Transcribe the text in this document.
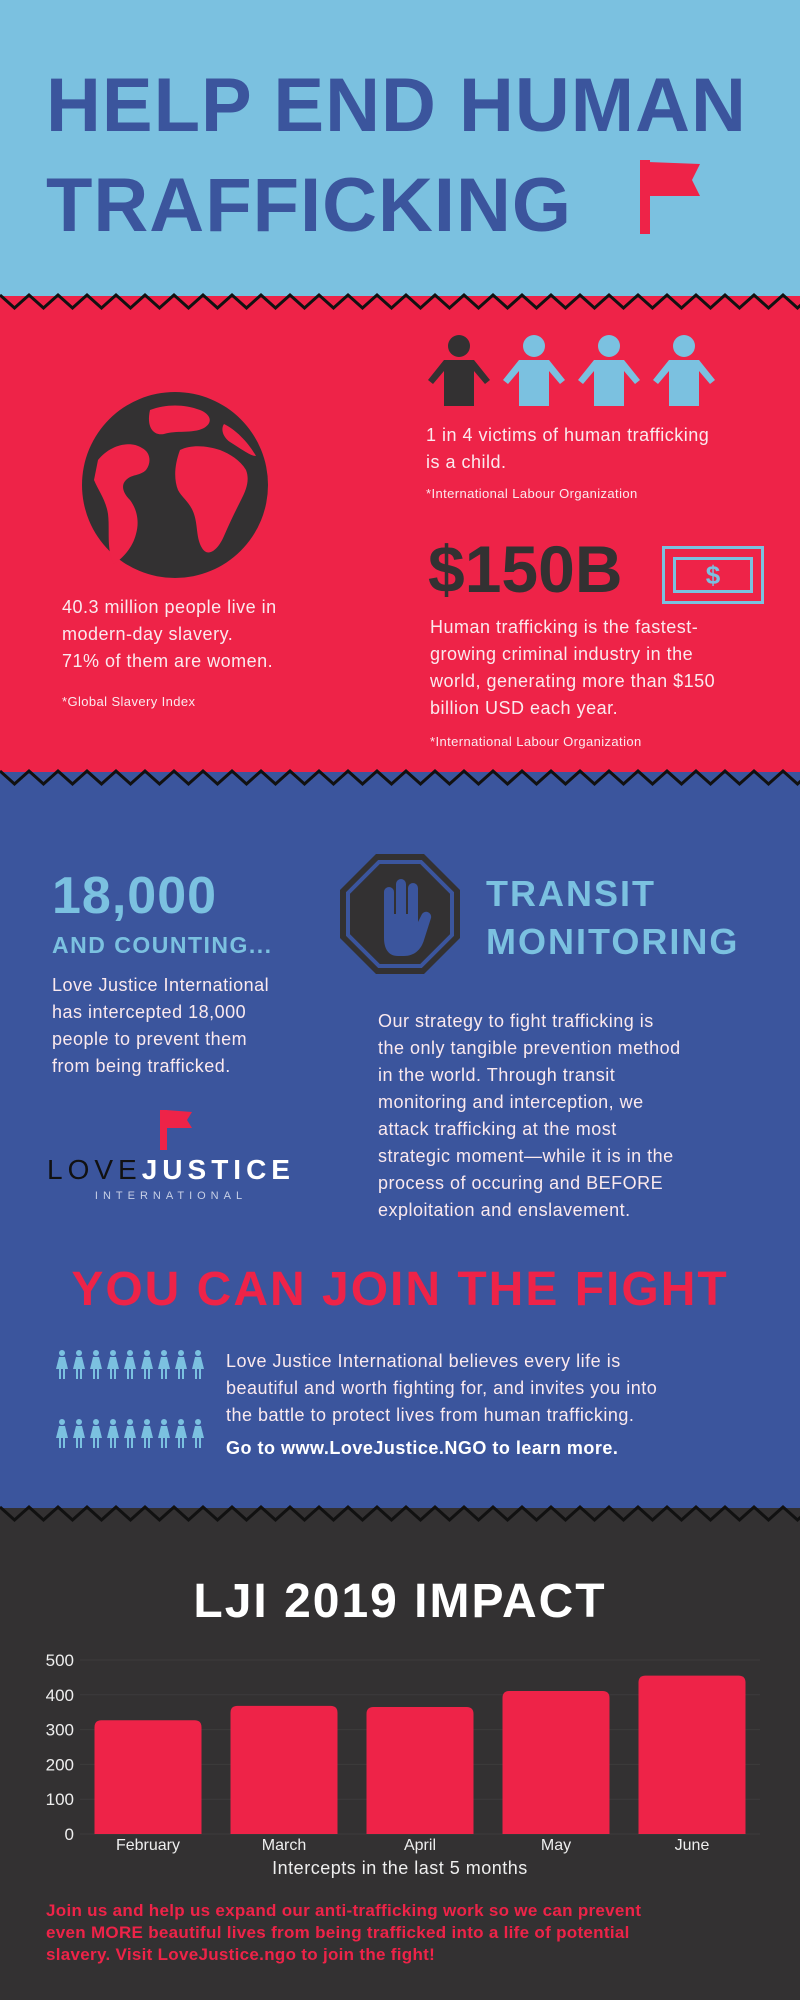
HELP END HUMAN
TRAFFICKING
40.3 million people live in
modern-day slavery.
71% of them are women.
*Global Slavery Index
1 in 4 victims of human trafficking
is a child.
*International Labour Organization
$150B	$
Human trafficking is the fastest-
growing criminal industry in the
world, generating more than $150
billion USD each year.
*International Labour Organization
18,000
AND COUNTING...
Love Justice International
has intercepted 18,000
people to prevent them
from being trafficked.
LOVEJUSTICE
INTERNATIONAL
TRANSIT
MONITORING
Our strategy to fight trafficking is
the only tangible prevention method
in the world. Through transit
monitoring and interception, we
attack trafficking at the most
strategic moment—while it is in the
process of occuring and BEFORE
exploitation and enslavement.
YOU CAN JOIN THE FIGHT
Love Justice International believes every life is
beautiful and worth fighting for, and invites you into
the battle to protect lives from human trafficking.
Go to www.LoveJustice.NGO to learn more.
LJI 2019 IMPACT
0
100
200
300
400
500
February	March	April	May	June
Intercepts in the last 5 months
Join us and help us expand our anti-trafficking work so we can prevent
even MORE beautiful lives from being trafficked into a life of potential
slavery. Visit LoveJustice.ngo to join the fight!
